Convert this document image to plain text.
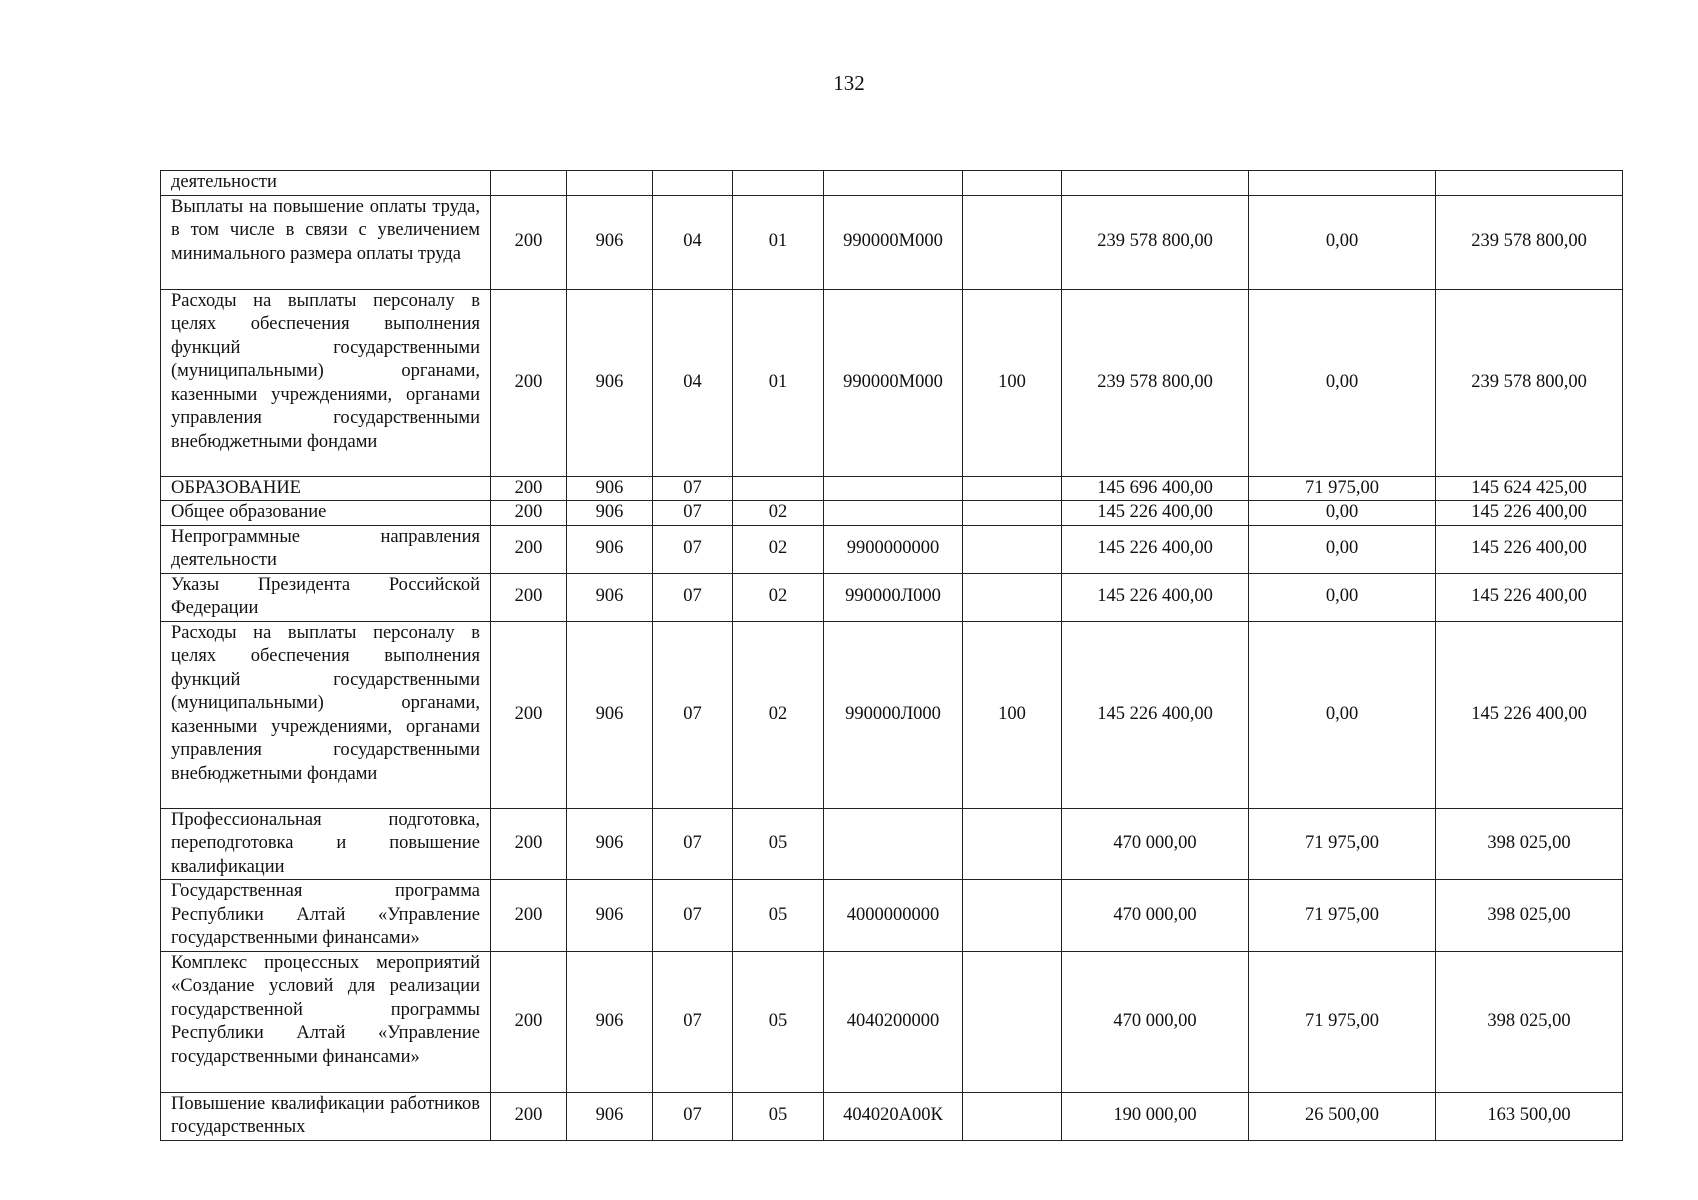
132
деятельности									
Выплаты на повышение оплаты труда, в том числе в связи с увеличением минимального размера оплаты труда	200	906	04	01	990000М000		239 578 800,00	0,00	239 578 800,00
Расходы на выплаты персоналу в целях обеспечения выполнения функций государственными (муниципальными) органами, казенными учреждениями, органами управления государственными внебюджетными фондами	200	906	04	01	990000М000	100	239 578 800,00	0,00	239 578 800,00
ОБРАЗОВАНИЕ	200	906	07				145 696 400,00	71 975,00	145 624 425,00
Общее образование	200	906	07	02			145 226 400,00	0,00	145 226 400,00
Непрограммные направления деятельности	200	906	07	02	9900000000		145 226 400,00	0,00	145 226 400,00
Указы Президента Российской Федерации	200	906	07	02	990000Л000		145 226 400,00	0,00	145 226 400,00
Расходы на выплаты персоналу в целях обеспечения выполнения функций государственными (муниципальными) органами, казенными учреждениями, органами управления государственными внебюджетными фондами	200	906	07	02	990000Л000	100	145 226 400,00	0,00	145 226 400,00
Профессиональная подготовка, переподготовка и повышение квалификации	200	906	07	05			470 000,00	71 975,00	398 025,00
Государственная программа Республики Алтай «Управление государственными финансами»	200	906	07	05	4000000000		470 000,00	71 975,00	398 025,00
Комплекс процессных мероприятий «Создание условий для реализации государственной программы Республики Алтай «Управление государственными финансами»	200	906	07	05	4040200000		470 000,00	71 975,00	398 025,00
Повышение квалификации работников государственных	200	906	07	05	404020А00К		190 000,00	26 500,00	163 500,00
